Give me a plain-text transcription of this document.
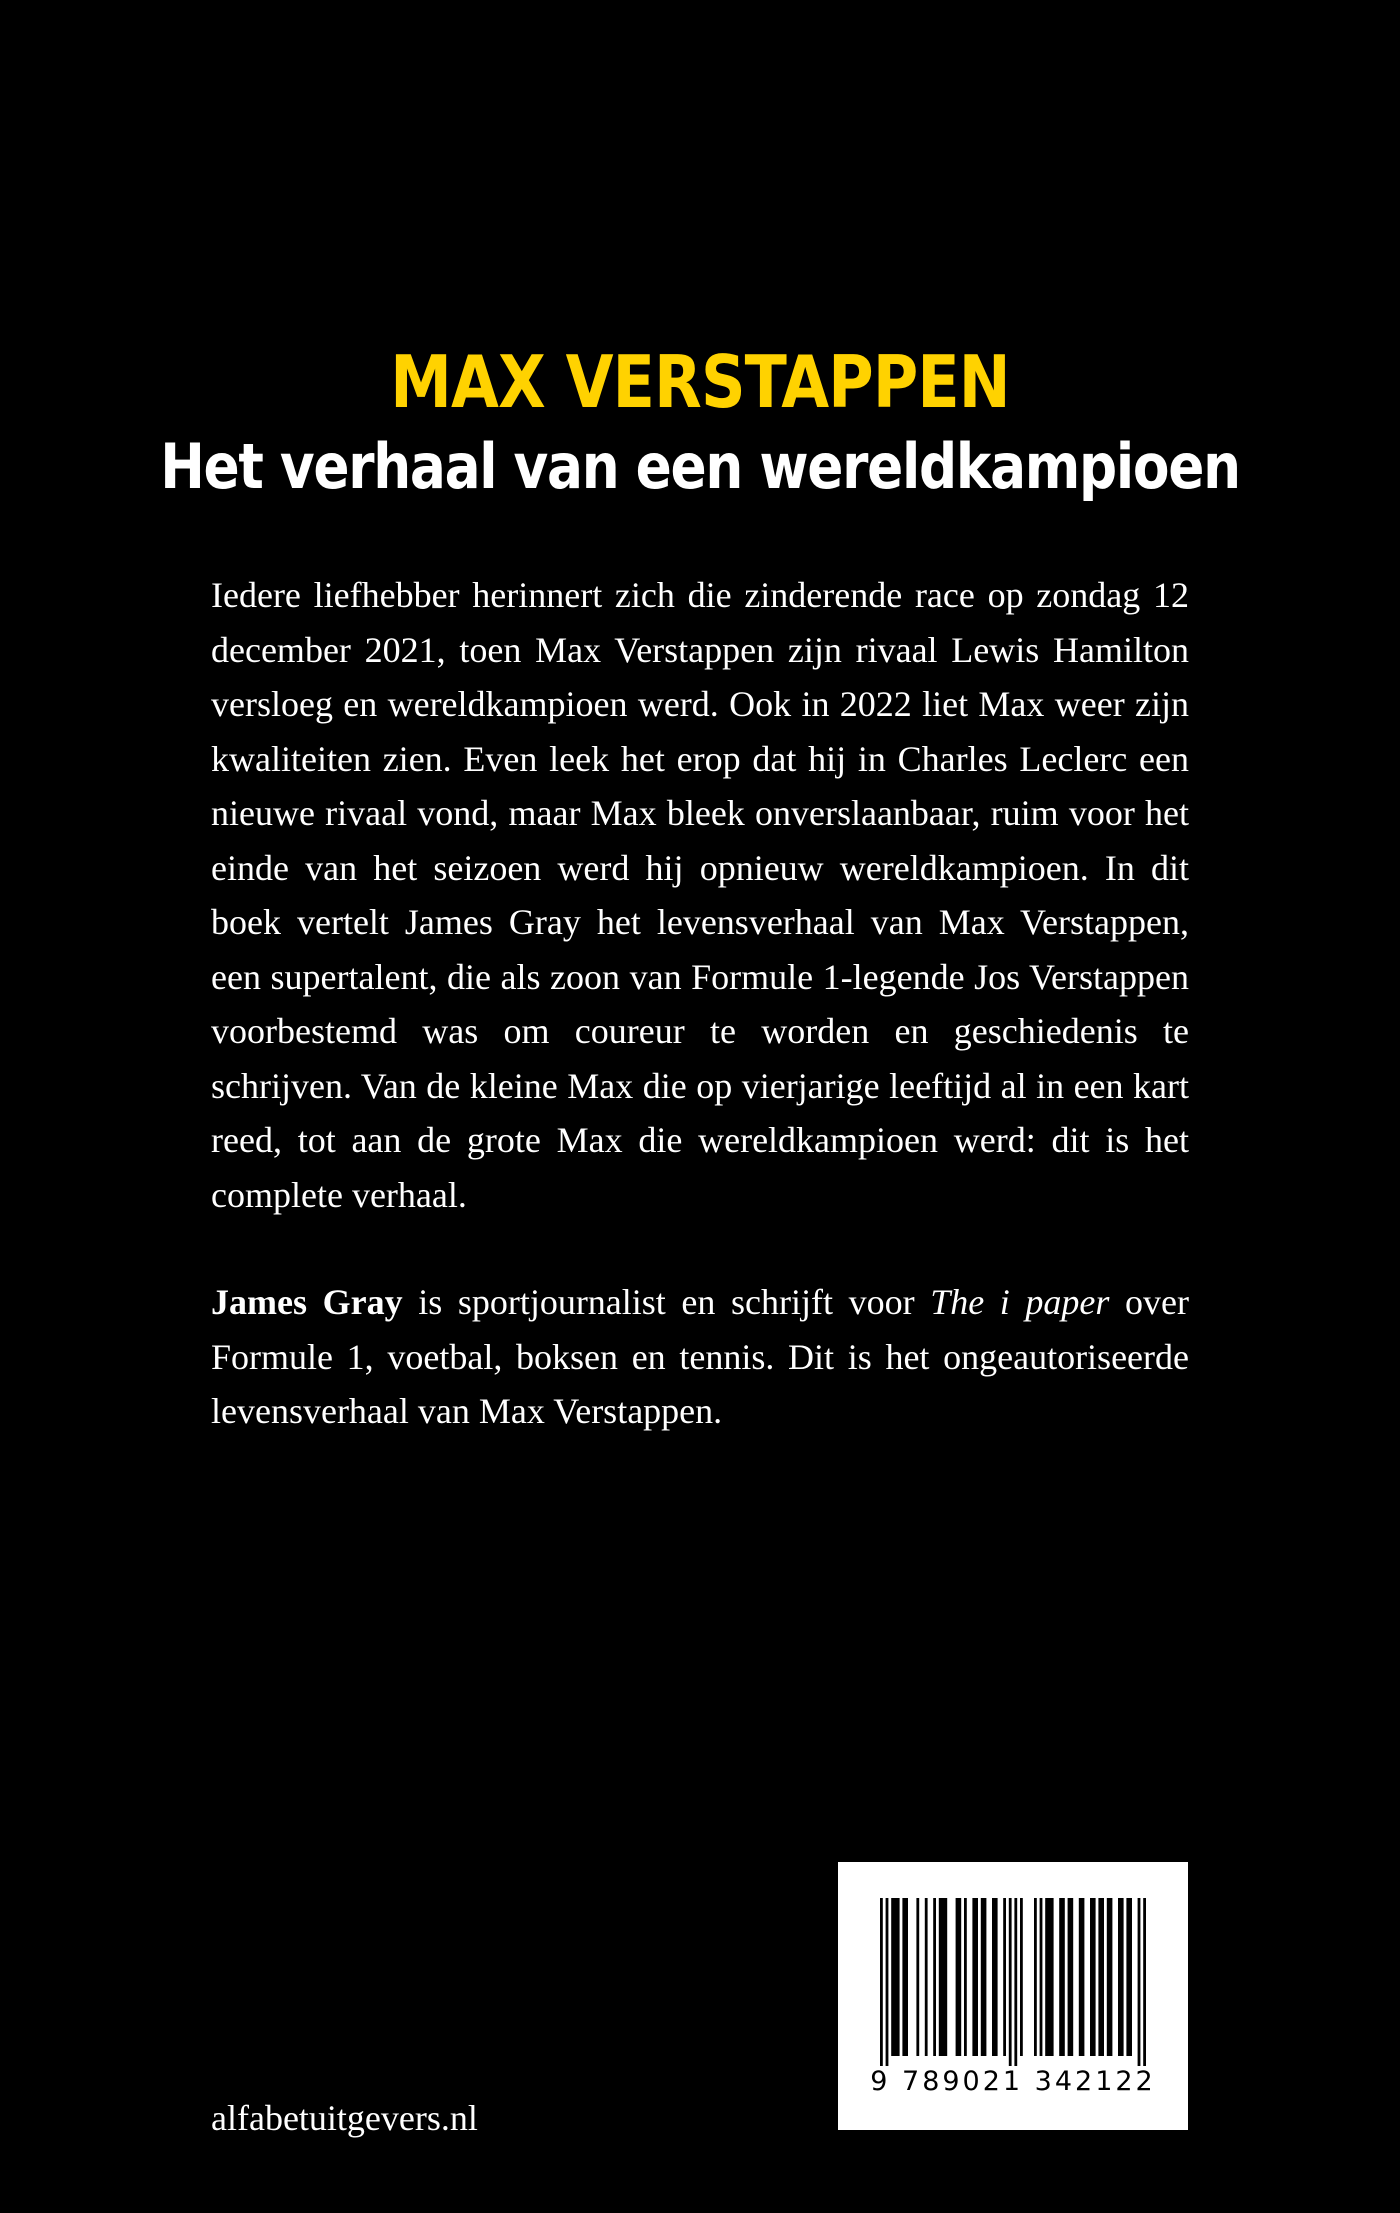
MAX VERSTAPPEN
Het verhaal van een wereldkampioen

Iedere liefhebber herinnert zich die zinderende race op zondag 12 december 2021, toen Max Verstappen zijn rivaal Lewis Hamilton versloeg en wereldkampioen werd. Ook in 2022 liet Max weer zijn kwaliteiten zien. Even leek het erop dat hij in Charles Leclerc een nieuwe rivaal vond, maar Max bleek onverslaanbaar, ruim voor het einde van het seizoen werd hij opnieuw wereldkampioen. In dit boek vertelt James Gray het levensverhaal van Max Verstappen, een supertalent, die als zoon van Formule 1-legende Jos Verstappen voorbestemd was om coureur te worden en geschiedenis te schrijven. Van de kleine Max die op vierjarige leeftijd al in een kart reed, tot aan de grote Max die wereldkampioen werd: dit is het complete verhaal.

James Gray is sportjournalist en schrijft voor The i paper over Formule 1, voetbal, boksen en tennis. Dit is het ongeautoriseerde levensverhaal van Max Verstappen.

alfabetuitgevers.nl
9 789021 342122
